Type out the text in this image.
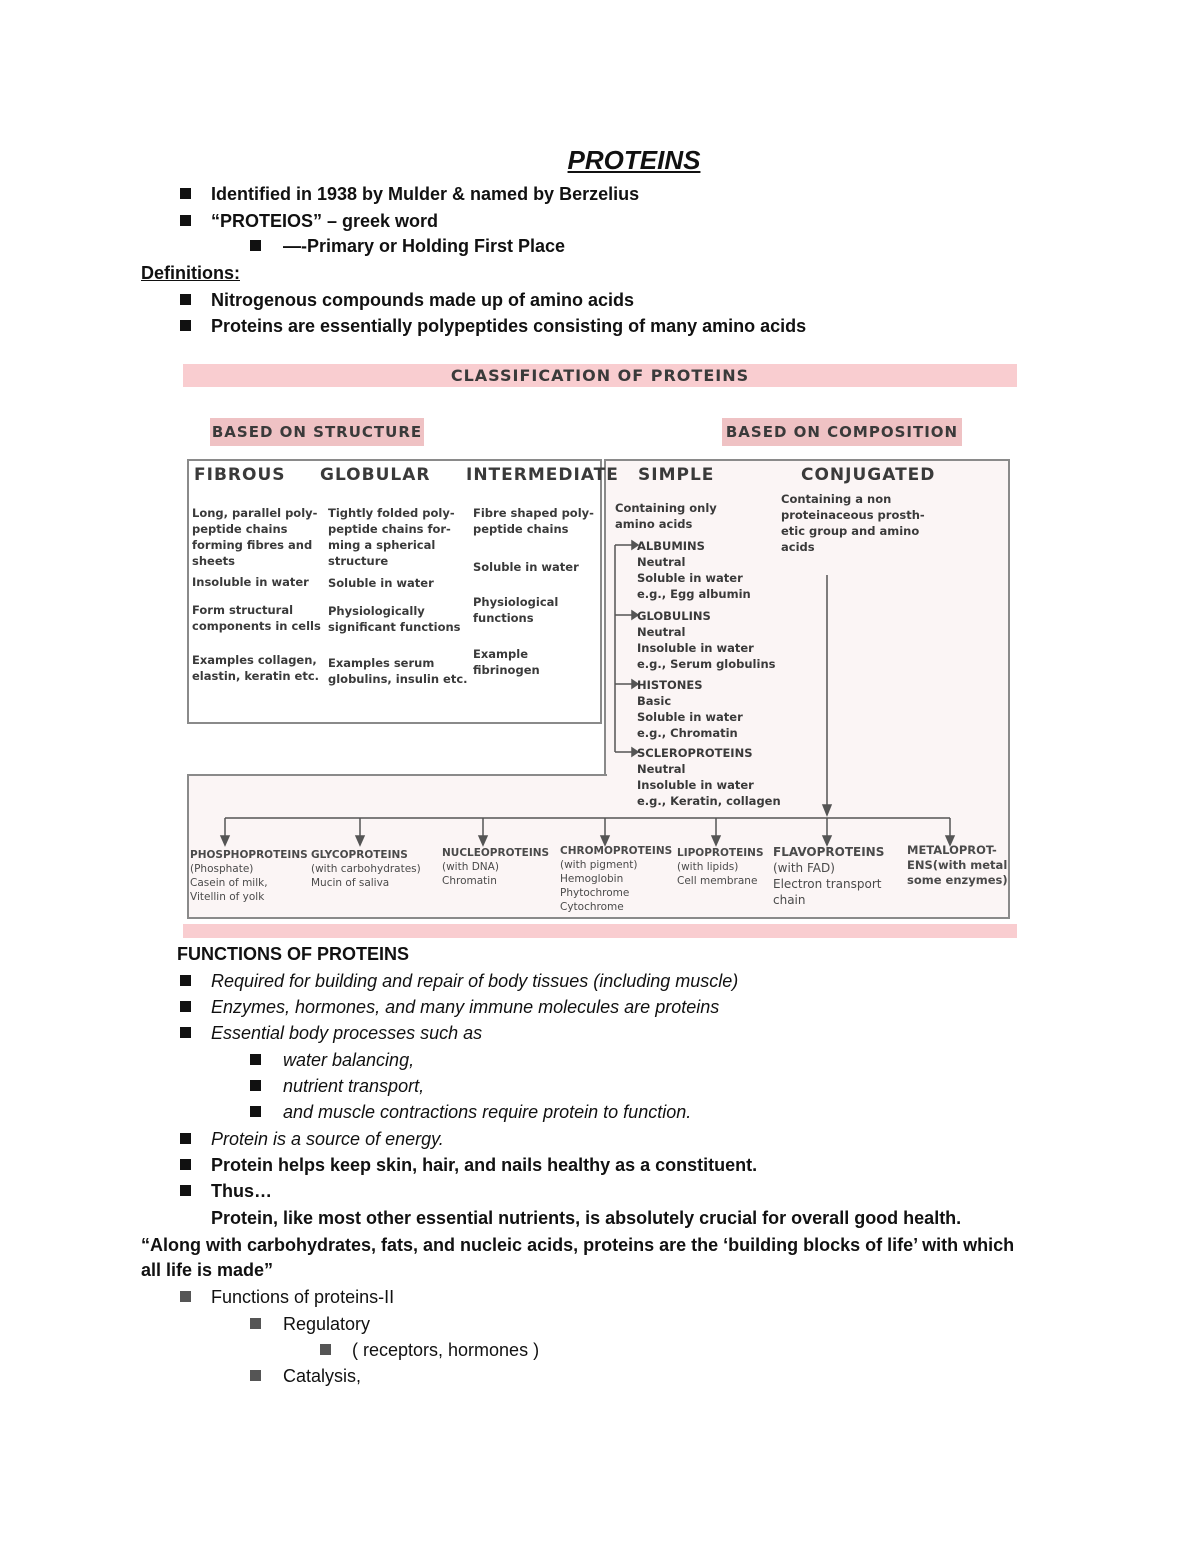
PROTEINS
Identified in 1938 by Mulder & named by Berzelius
“PROTEIOS” – greek word
—-Primary or Holding First Place
Definitions:
Nitrogenous compounds made up of amino acids
Proteins are essentially polypeptides consisting of many amino acids
CLASSIFICATION OF PROTEINS
BASED ON STRUCTURE	BASED ON COMPOSITION
FIBROUS GLOBULAR INTERMEDIATE
Long, parallel poly-
peptide chains
forming fibres and
sheets
Insoluble in water
Form structural
components in cells
Examples collagen,
elastin, keratin etc.
Tightly folded poly-
peptide chains for-
ming a spherical
structure
Soluble in water
Physiologically
significant functions
Examples serum
globulins, insulin etc.
Fibre shaped poly-
peptide chains
Soluble in water
Physiological
functions
Example
fibrinogen
SIMPLE
Containing only
amino acids
ALBUMINS
Neutral
Soluble in water
e.g., Egg albumin
GLOBULINS
Neutral
Insoluble in water
e.g., Serum globulins
HISTONES
Basic
Soluble in water
e.g., Chromatin
SCLEROPROTEINS
Neutral
Insoluble in water
e.g., Keratin, collagen
CONJUGATED
Containing a non
proteinaceous prosth-
etic group and amino
acids
PHOSPHOPROTEINS
(Phosphate)
Casein of milk,
Vitellin of yolk
GLYCOPROTEINS
(with carbohydrates)
Mucin of saliva
NUCLEOPROTEINS
(with DNA)
Chromatin
CHROMOPROTEINS
(with pigment)
Hemoglobin
Phytochrome
Cytochrome
LIPOPROTEINS
(with lipids)
Cell membrane
FLAVOPROTEINS
(with FAD)
Electron transport
chain
METALOPROT-
ENS(with metal
some enzymes)
FUNCTIONS OF PROTEINS
Required for building and repair of body tissues (including muscle)
Enzymes, hormones, and many immune molecules are proteins
Essential body processes such as
water balancing,
nutrient transport,
and muscle contractions require protein to function.
Protein is a source of energy.
Protein helps keep skin, hair, and nails healthy as a constituent.
Thus…
Protein, like most other essential nutrients, is absolutely crucial for overall good health.
“Along with carbohydrates, fats, and nucleic acids, proteins are the ‘building blocks of life’ with which
all life is made”
Functions of proteins-II
Regulatory
( receptors, hormones )
Catalysis,
